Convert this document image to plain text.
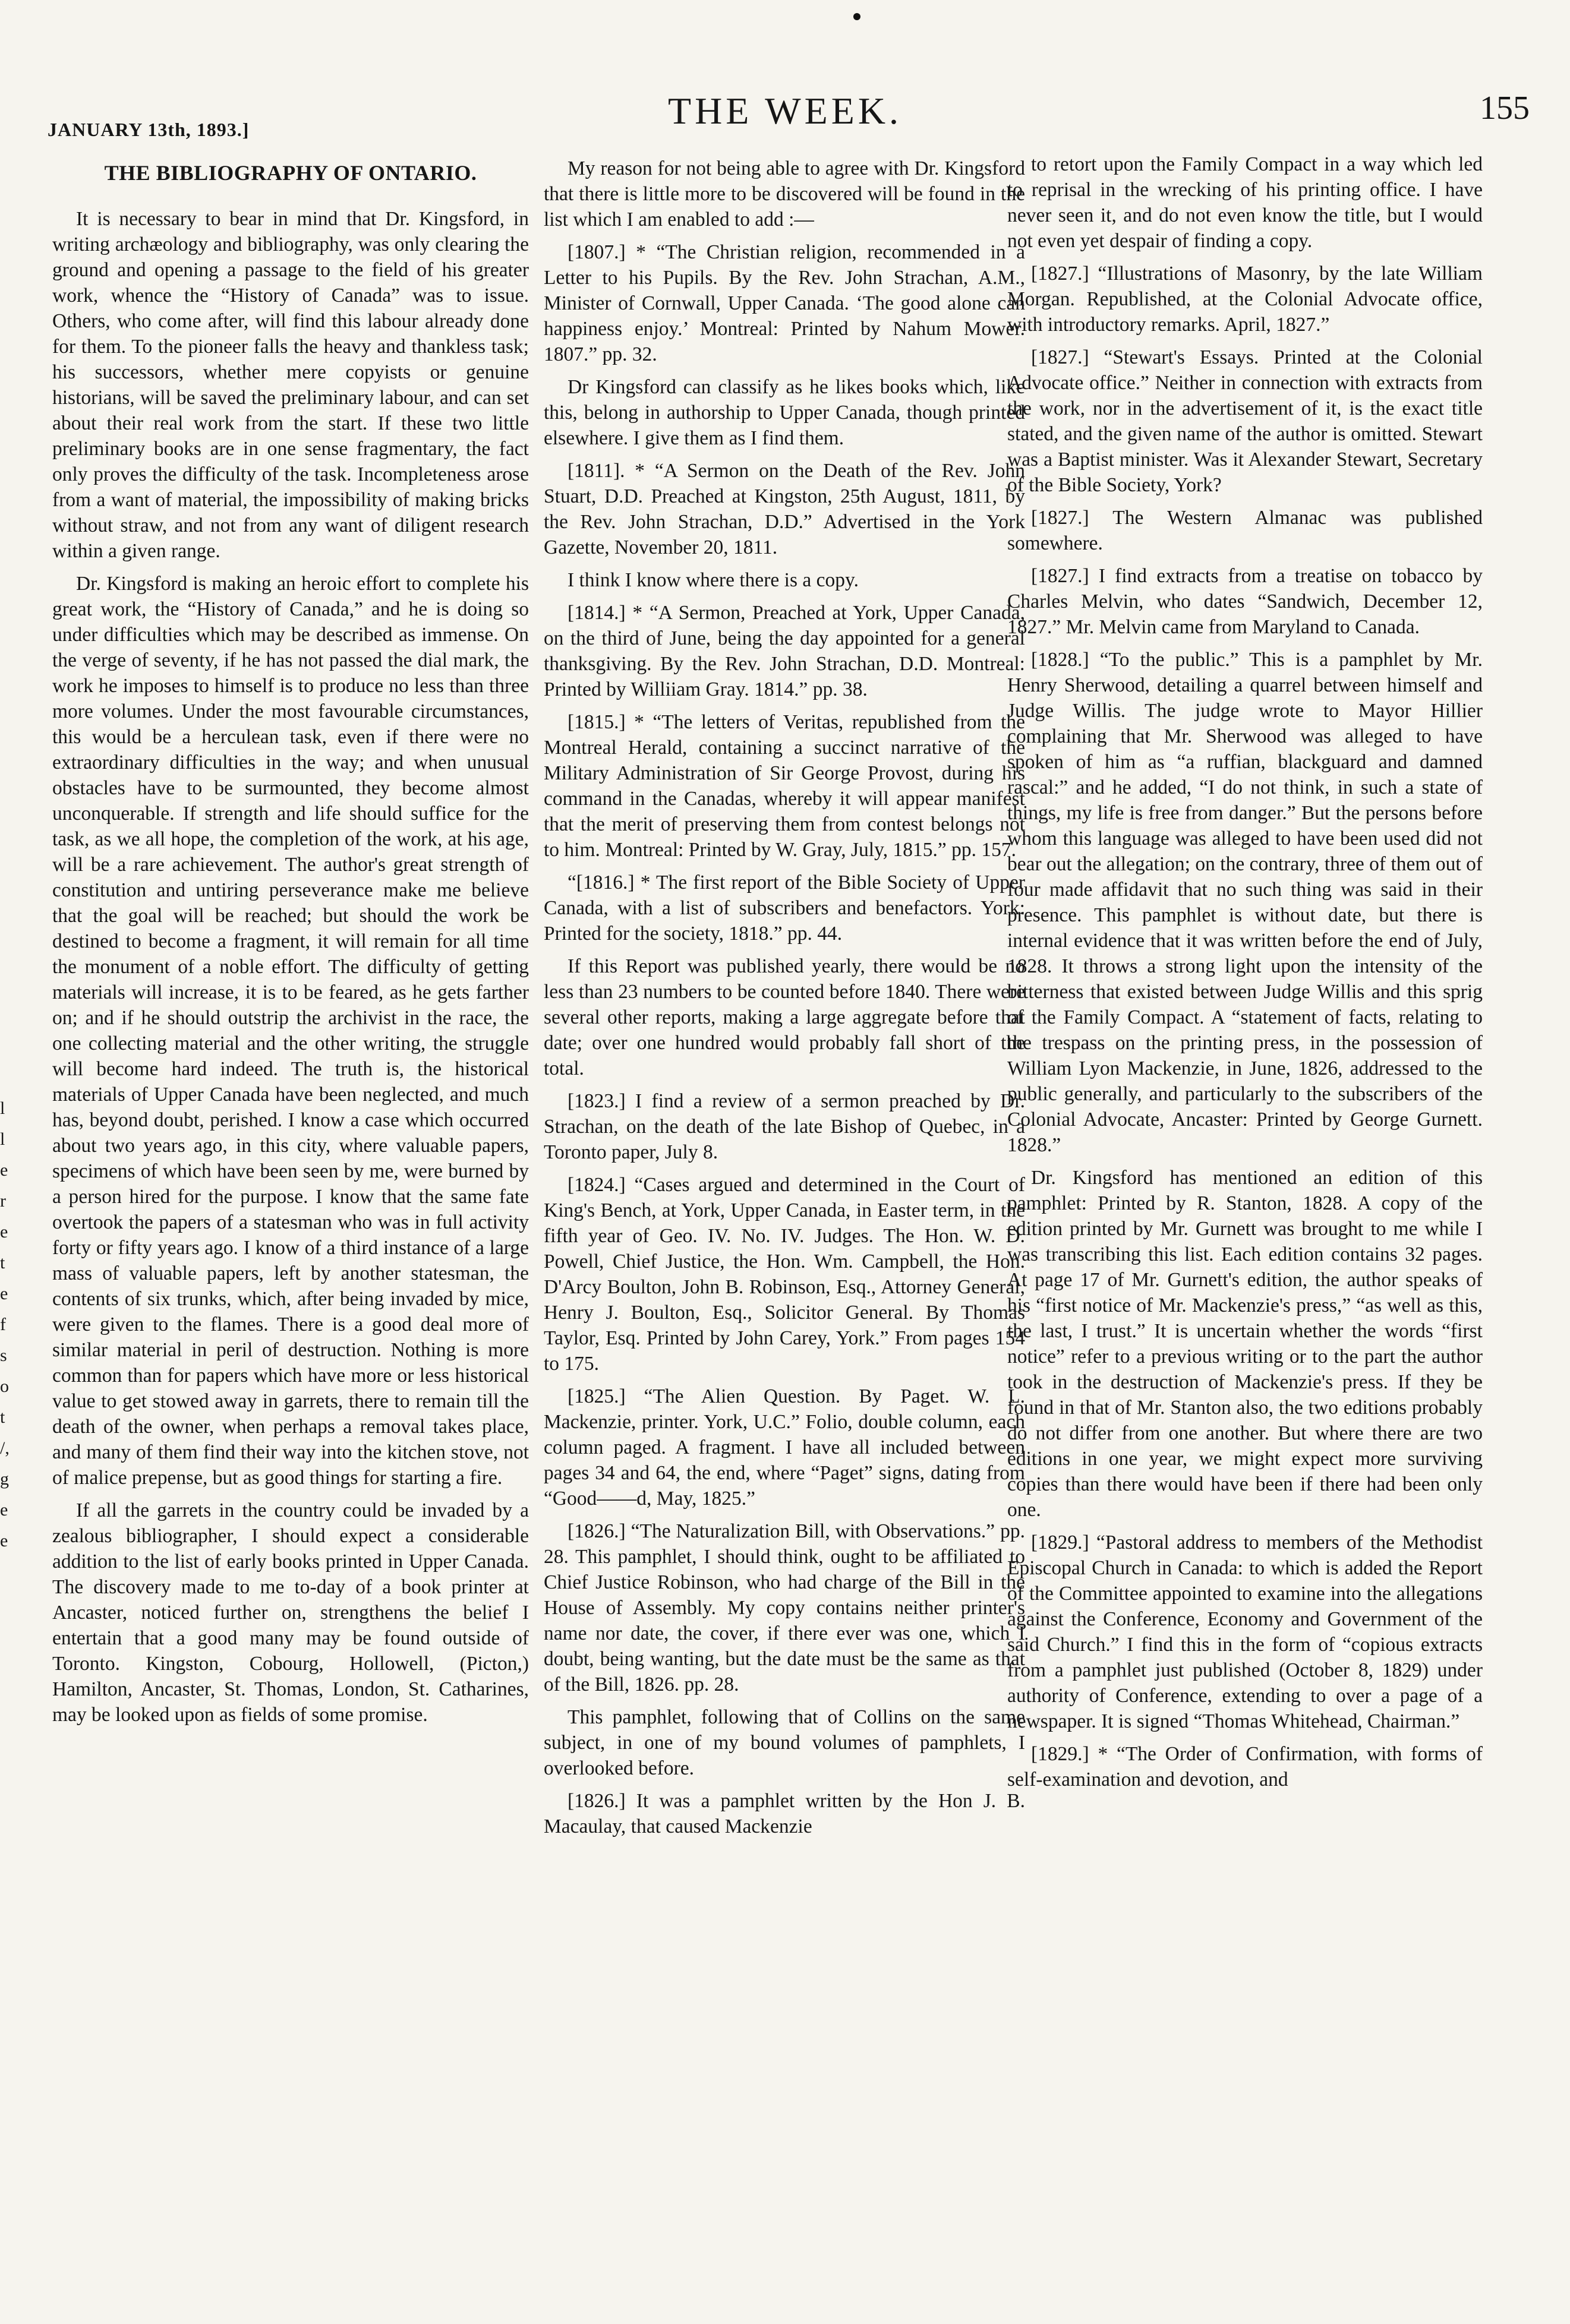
JANUARY 13th, 1893.]	THE WEEK.	155
l
l
e
r
e
t
e
f
s
o
t
/,
g
e
e
THE BIBLIOGRAPHY OF ONTARIO.

It is necessary to bear in mind that Dr. Kingsford, in writing archæology and bibliography, was only clearing the ground and opening a passage to the field of his greater work, whence the “History of Canada” was to issue. Others, who come after, will find this labour already done for them. To the pioneer falls the heavy and thankless task; his successors, whether mere copyists or genuine historians, will be saved the preliminary labour, and can set about their real work from the start. If these two little preliminary books are in one sense fragmentary, the fact only proves the difficulty of the task. Incompleteness arose from a want of material, the impossibility of making bricks without straw, and not from any want of diligent research within a given range.

Dr. Kingsford is making an heroic effort to complete his great work, the “History of Canada,” and he is doing so under difficulties which may be described as immense. On the verge of seventy, if he has not passed the dial mark, the work he imposes to himself is to produce no less than three more volumes. Under the most favourable circumstances, this would be a herculean task, even if there were no extraordinary difficulties in the way; and when unusual obstacles have to be surmounted, they become almost unconquerable. If strength and life should suffice for the task, as we all hope, the completion of the work, at his age, will be a rare achievement. The author's great strength of constitution and untiring perseverance make me believe that the goal will be reached; but should the work be destined to become a fragment, it will remain for all time the monument of a noble effort. The difficulty of getting materials will increase, it is to be feared, as he gets farther on; and if he should outstrip the archivist in the race, the one collecting material and the other writing, the struggle will become hard indeed. The truth is, the historical materials of Upper Canada have been neglected, and much has, beyond doubt, perished. I know a case which occurred about two years ago, in this city, where valuable papers, specimens of which have been seen by me, were burned by a person hired for the purpose. I know that the same fate overtook the papers of a statesman who was in full activity forty or fifty years ago. I know of a third instance of a large mass of valuable papers, left by another statesman, the contents of six trunks, which, after being invaded by mice, were given to the flames. There is a good deal more of similar material in peril of destruction. Nothing is more common than for papers which have more or less historical value to get stowed away in garrets, there to remain till the death of the owner, when perhaps a removal takes place, and many of them find their way into the kitchen stove, not of malice prepense, but as good things for starting a fire.

If all the garrets in the country could be invaded by a zealous bibliographer, I should expect a considerable addition to the list of early books printed in Upper Canada. The discovery made to me to-day of a book printer at Ancaster, noticed further on, strengthens the belief I entertain that a good many may be found outside of Toronto. Kingston, Cobourg, Hollowell, (Picton,) Hamilton, Ancaster, St. Thomas, London, St. Catharines, may be looked upon as fields of some promise.

My reason for not being able to agree with Dr. Kingsford that there is little more to be discovered will be found in the list which I am enabled to add :—

[1807.] * “The Christian religion, recommended in a Letter to his Pupils. By the Rev. John Strachan, A.M., Minister of Cornwall, Upper Canada. ‘The good alone can happiness enjoy.’ Montreal: Printed by Nahum Mower. 1807.” pp. 32.

Dr Kingsford can classify as he likes books which, like this, belong in authorship to Upper Canada, though printed elsewhere. I give them as I find them.

[1811]. * “A Sermon on the Death of the Rev. John Stuart, D.D. Preached at Kingston, 25th August, 1811, by the Rev. John Strachan, D.D.” Advertised in the York Gazette, November 20, 1811.

I think I know where there is a copy.

[1814.] * “A Sermon, Preached at York, Upper Canada, on the third of June, being the day appointed for a general thanksgiving. By the Rev. John Strachan, D.D. Montreal: Printed by Williiam Gray. 1814.” pp. 38.

[1815.] * “The letters of Veritas, republished from the Montreal Herald, containing a succinct narrative of the Military Administration of Sir George Provost, during his command in the Canadas, whereby it will appear manifest that the merit of preserving them from contest belongs not to him. Montreal: Printed by W. Gray, July, 1815.” pp. 157.

“[1816.] * The first report of the Bible Society of Upper Canada, with a list of subscribers and benefactors. York: Printed for the society, 1818.” pp. 44.

If this Report was published yearly, there would be no less than 23 numbers to be counted before 1840. There were several other reports, making a large aggregate before that date; over one hundred would probably fall short of the total.

[1823.] I find a review of a sermon preached by Dr. Strachan, on the death of the late Bishop of Quebec, in a Toronto paper, July 8.

[1824.] “Cases argued and determined in the Court of King's Bench, at York, Upper Canada, in Easter term, in the fifth year of Geo. IV. No. IV. Judges. The Hon. W. D. Powell, Chief Justice, the Hon. Wm. Campbell, the Hon. D'Arcy Boulton, John B. Robinson, Esq., Attorney General, Henry J. Boulton, Esq., Solicitor General. By Thomas Taylor, Esq. Printed by John Carey, York.” From pages 154 to 175.

[1825.] “The Alien Question. By Paget. W. L. Mackenzie, printer. York, U.C.” Folio, double column, each column paged. A fragment. I have all included between pages 34 and 64, the end, where “Paget” signs, dating from “Good——d, May, 1825.”

[1826.] “The Naturalization Bill, with Observations.” pp. 28. This pamphlet, I should think, ought to be affiliated to Chief Justice Robinson, who had charge of the Bill in the House of Assembly. My copy contains neither printer's name nor date, the cover, if there ever was one, which I doubt, being wanting, but the date must be the same as that of the Bill, 1826. pp. 28.

This pamphlet, following that of Collins on the same subject, in one of my bound volumes of pamphlets, I overlooked before.

[1826.] It was a pamphlet written by the Hon J. B. Macaulay, that caused Mackenzie

to retort upon the Family Compact in a way which led to reprisal in the wrecking of his printing office. I have never seen it, and do not even know the title, but I would not even yet despair of finding a copy.

[1827.] “Illustrations of Masonry, by the late William Morgan. Republished, at the Colonial Advocate office, with introductory remarks. April, 1827.”

[1827.] “Stewart's Essays. Printed at the Colonial Advocate office.” Neither in connection with extracts from the work, nor in the advertisement of it, is the exact title stated, and the given name of the author is omitted. Stewart was a Baptist minister. Was it Alexander Stewart, Secretary of the Bible Society, York?

[1827.] The Western Almanac was published somewhere.

[1827.] I find extracts from a treatise on tobacco by Charles Melvin, who dates “Sandwich, December 12, 1827.” Mr. Melvin came from Maryland to Canada.

[1828.] “To the public.” This is a pamphlet by Mr. Henry Sherwood, detailing a quarrel between himself and Judge Willis. The judge wrote to Mayor Hillier complaining that Mr. Sherwood was alleged to have spoken of him as “a ruffian, blackguard and damned rascal:” and he added, “I do not think, in such a state of things, my life is free from danger.” But the persons before whom this language was alleged to have been used did not bear out the allegation; on the contrary, three of them out of four made affidavit that no such thing was said in their presence. This pamphlet is without date, but there is internal evidence that it was written before the end of July, 1828. It throws a strong light upon the intensity of the bitterness that existed between Judge Willis and this sprig of the Family Compact. A “statement of facts, relating to the trespass on the printing press, in the possession of William Lyon Mackenzie, in June, 1826, addressed to the public generally, and particularly to the subscribers of the Colonial Advocate, Ancaster: Printed by George Gurnett. 1828.”

Dr. Kingsford has mentioned an edition of this pamphlet: Printed by R. Stanton, 1828. A copy of the edition printed by Mr. Gurnett was brought to me while I was transcribing this list. Each edition contains 32 pages. At page 17 of Mr. Gurnett's edition, the author speaks of his “first notice of Mr. Mackenzie's press,” “as well as this, the last, I trust.” It is uncertain whether the words “first notice” refer to a previous writing or to the part the author took in the destruction of Mackenzie's press. If they be found in that of Mr. Stanton also, the two editions probably do not differ from one another. But where there are two editions in one year, we might expect more surviving copies than there would have been if there had been only one.

[1829.] “Pastoral address to members of the Methodist Episcopal Church in Canada: to which is added the Report of the Committee appointed to examine into the allegations against the Conference, Economy and Government of the said Church.” I find this in the form of “copious extracts from a pamphlet just published (October 8, 1829) under authority of Conference, extending to over a page of a newspaper. It is signed “Thomas Whitehead, Chairman.”

[1829.] * “The Order of Confirmation, with forms of self-examination and devotion, and
